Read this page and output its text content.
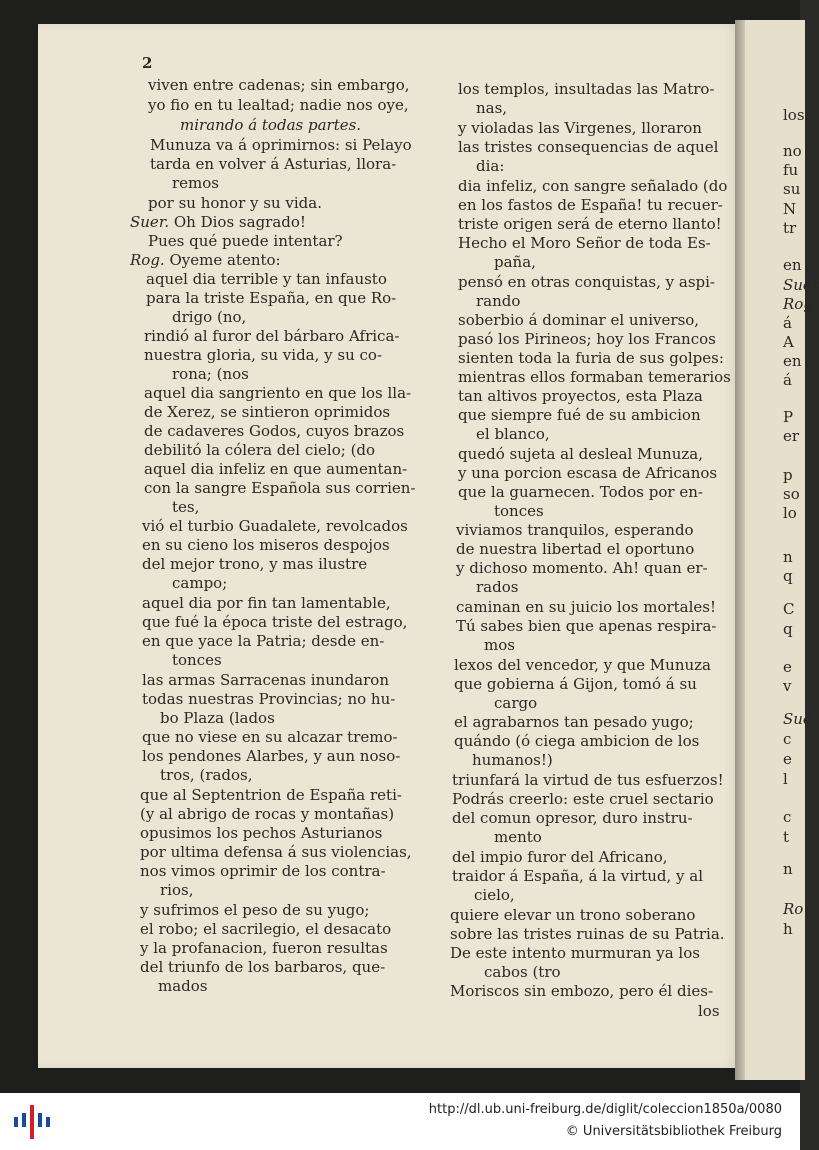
2
viven entre cadenas; sin embargo,
yo fio en tu lealtad; nadie nos oye,
mirando á todas partes.
Munuza va á oprimirnos: si Pelayo
tarda en volver á Asturias, llora-
remos
por su honor y su vida.
Suer. Oh Dios sagrado!
Pues qué puede intentar?
Rog. Oyeme atento:
aquel dia terrible y tan infausto
para la triste España, en que Ro-
drigo (no,
rindió al furor del bárbaro Africa-
nuestra gloria, su vida, y su co-
rona; (nos
aquel dia sangriento en que los lla-
de Xerez, se sintieron oprimidos
de cadaveres Godos, cuyos brazos
debilitó la cólera del cielo; (do
aquel dia infeliz en que aumentan-
con la sangre Española sus corrien-
tes,
vió el turbio Guadalete, revolcados
en su cieno los miseros despojos
del mejor trono, y mas ilustre
campo;
aquel dia por fin tan lamentable,
que fué la época triste del estrago,
en que yace la Patria; desde en-
tonces
las armas Sarracenas inundaron
todas nuestras Provincias; no hu-
bo Plaza (lados
que no viese en su alcazar tremo-
los pendones Alarbes, y aun noso-
tros, (rados,
que al Septentrion de España reti-
(y al abrigo de rocas y montañas)
opusimos los pechos Asturianos
por ultima defensa á sus violencias,
nos vimos oprimir de los contra-
rios,
y sufrimos el peso de su yugo;
el robo; el sacrilegio, el desacato
y la profanacion, fueron resultas
del triunfo de los barbaros, que-
mados
los templos, insultadas las Matro-
nas,
y violadas las Virgenes, lloraron
las tristes consequencias de aquel
dia:
dia infeliz, con sangre señalado (do
en los fastos de España! tu recuer-
triste origen será de eterno llanto!
Hecho el Moro Señor de toda Es-
paña,
pensó en otras conquistas, y aspi-
rando
soberbio á dominar el universo,
pasó los Pirineos; hoy los Francos
sienten toda la furia de sus golpes:
mientras ellos formaban temerarios
tan altivos proyectos, esta Plaza
que siempre fué de su ambicion
el blanco,
quedó sujeta al desleal Munuza,
y una porcion escasa de Africanos
que la guarnecen. Todos por en-
tonces
viviamos tranquilos, esperando
de nuestra libertad el oportuno
y dichoso momento. Ah! quan er-
rados
caminan en su juicio los mortales!
Tú sabes bien que apenas respira-
mos
lexos del vencedor, y que Munuza
que gobierna á Gijon, tomó á su
cargo
el agrabarnos tan pesado yugo;
quándo (ó ciega ambicion de los
humanos!)
triunfará la virtud de tus esfuerzos!
Podrás creerlo: este cruel sectario
del comun opresor, duro instru-
mento
del impio furor del Africano,
traidor á España, á la virtud, y al
cielo,
quiere elevar un trono soberano
sobre las tristes ruinas de su Patria.
De este intento murmuran ya los
cabos (tro
Moriscos sin embozo, pero él dies-
los
los
no
fu
su
N
tr
en
Suer
Rog
á
A
en
á
P
er
p
so
lo
n
q
C
q
e
v
Sue
c
e
l
c
t
n
Ro
h
http://dl.ub.uni-freiburg.de/diglit/coleccion1850a/0080
© Universitätsbibliothek Freiburg
